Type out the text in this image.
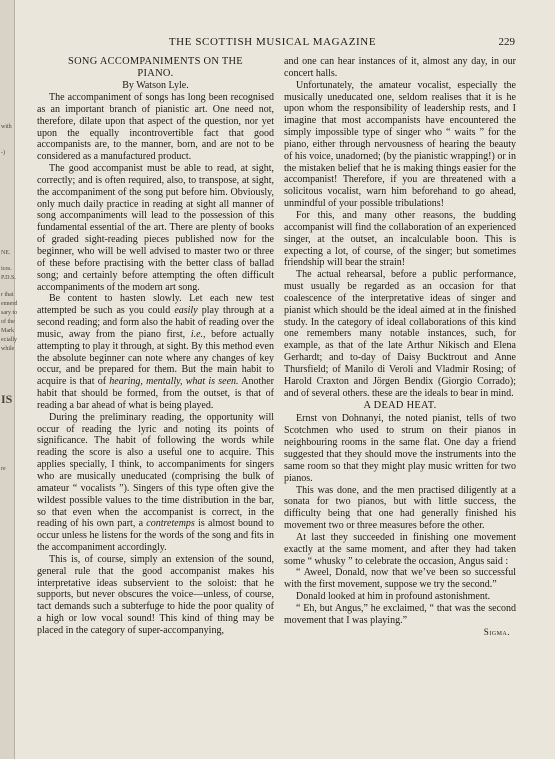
with
-)
NE.
ices.
P.D.S.
r that
ennerd
sary to
of the
Mark
ecially
while
IS
re
THE SCOTTISH MUSICAL MAGAZINE	229

SONG ACCOMPANIMENTS ON THE
PIANO.

By Watson Lyle.

The accompaniment of songs has long been recognised as an important branch of pianistic art. One need not, therefore, dilate upon that aspect of the question, nor yet upon the equally incontrovertible fact that good accompanists are, to the manner, born, and are not to be considered as a manufactured product.

The good accompanist must be able to read, at sight, correctly; and is often required, also, to transpose, at sight, the accompaniment of the song put before him. Obviously, only much daily practice in reading at sight all manner of song accompaniments will lead to the possession of this fundamental essential of the art. There are plenty of books of graded sight-reading pieces published now for the beginner, who will be well advised to master two or three of these before practising with the better class of ballad song; and certainly before attempting the often difficult accompaniments of the modern art song.

Be content to hasten slowly. Let each new test attempted be such as you could easily play through at a second reading; and form also the habit of reading over the music, away from the piano first, i.e., before actually attempting to play it through, at sight. By this method even the absolute beginner can note where any changes of key occur, and be prepared for them. But the main habit to acquire is that of hearing, mentally, what is seen. Another habit that should be formed, from the outset, is that of reading a bar ahead of what is being played.

During the preliminary reading, the opportunity will occur of reading the lyric and noting its points of significance. The habit of following the words while reading the score is also a useful one to acquire. This applies specially, I think, to accompaniments for singers who are musically uneducated (comprising the bulk of amateur “ vocalists ”). Singers of this type often give the wildest possible values to the time distribution in the bar, so that even when the accompanist is correct, in the reading of his own part, a contretemps is almost bound to occur unless he listens for the words of the song and fits in the accompaniment accordingly.

This is, of course, simply an extension of the sound, general rule that the good accompanist makes his interpretative ideas subservient to the soloist: that he supports, but never obscures the voice—unless, of course, tact demands such a subterfuge to hide the poor quality of a high or low vocal sound! This kind of thing may be placed in the category of super-accompanying,

and one can hear instances of it, almost any day, in our concert halls.

Unfortunately, the amateur vocalist, especially the musically uneducated one, seldom realises that it is he upon whom the responsibility of leadership rests, and I imagine that most accompanists have encountered the simply impossible type of singer who “ waits ” for the piano, either through nervousness of hearing the beauty of his voice, unadorned; (by the pianistic wrapping!) or in the mistaken belief that he is making things easier for the accompanist! Therefore, if you are threatened with a solicitous vocalist, warn him beforehand to go ahead, unmindful of your possible tribulations!

For this, and many other reasons, the budding accompanist will find the collaboration of an experienced singer, at the outset, an incalculable boon. This is expecting a lot, of course, of the singer; but sometimes friendship will bear the strain!

The actual rehearsal, before a public performance, must usually be regarded as an occasion for that coalescence of the interpretative ideas of singer and pianist which should be the ideal aimed at in the finished study. In the category of ideal collaborations of this kind one remembers many notable instances, such, for example, as that of the late Arthur Nikisch and Elena Gerhardt; and to-day of Daisy Bucktrout and Anne Thursfield; of Manilo di Veroli and Vladmir Rosing; of Harold Craxton and Jörgen Bendix (Giorgio Corrado); and of several others. these are the ideals to bear in mind.

A DEAD HEAT.

Ernst von Dohnanyi, the noted pianist, tells of two Scotchmen who used to strum on their pianos in neighbouring rooms in the same flat. One day a friend suggested that they should move the instruments into the same room so that they might play music written for two pianos.

This was done, and the men practised diligently at a sonata for two pianos, but with little success, the difficulty being that one had generally finished his movement two or three measures before the other.

At last they succeeded in finishing one movement exactly at the same moment, and after they had taken some “ whusky ” to celebrate the occasion, Angus said :

“ Aweel, Donald, now that we’ve been so successful with the first movement, suppose we try the second.”

Donald looked at him in profound astonishment.

“ Eh, but Angus,” he exclaimed, “ that was the second movement that I was playing.”

Sigma.
